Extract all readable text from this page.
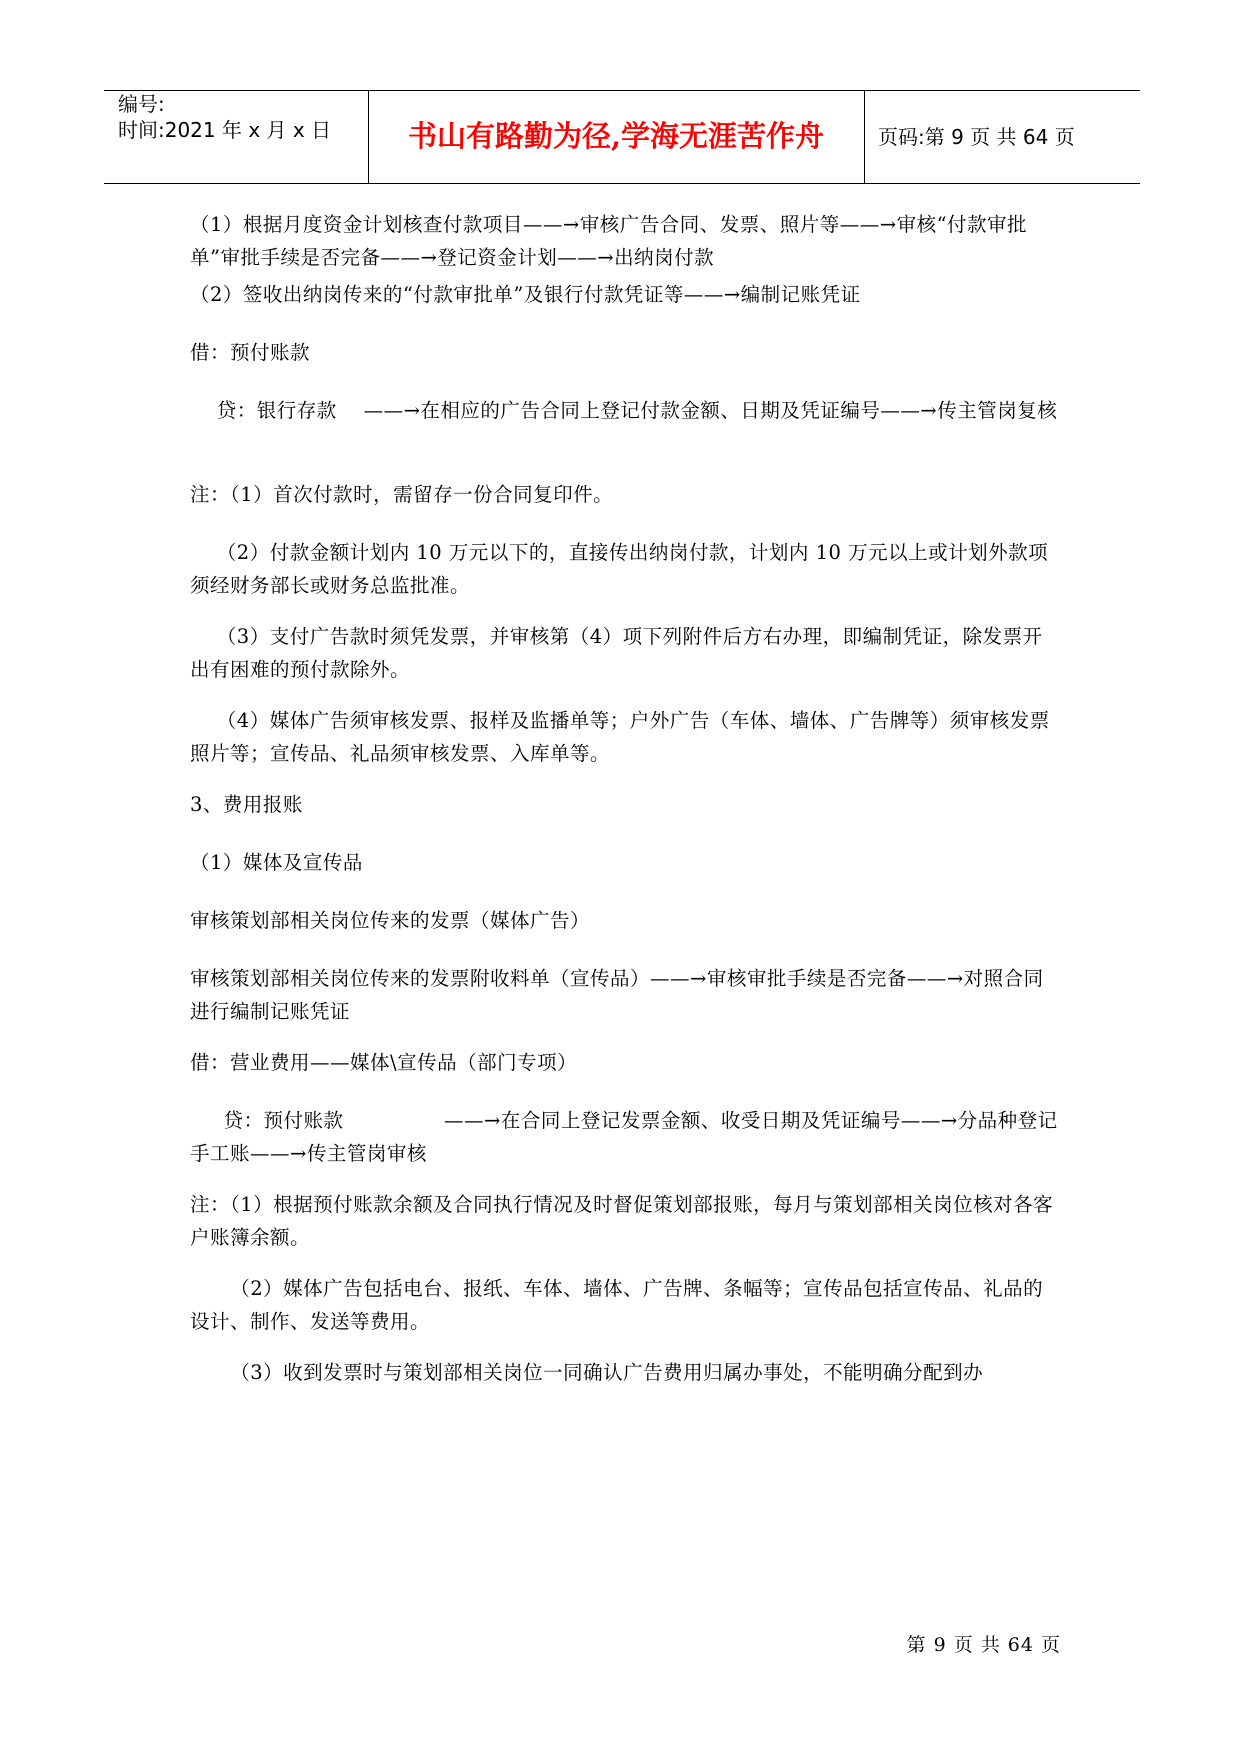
编号:
时间:2021 年 x 月 x 日	书山有路勤为径,学海无涯苦作舟	页码:第 9 页 共 64 页
（1）根据月度资金计划核查付款项目——→审核广告合同、发票、照片等——→审核“付款审批单”审批手续是否完备——→登记资金计划——→出纳岗付款
（2）签收出纳岗传来的“付款审批单”及银行付款凭证等——→编制记账凭证
借：预付账款
贷：银行存款    ——→在相应的广告合同上登记付款金额、日期及凭证编号——→传主管岗复核
注：（1）首次付款时，需留存一份合同复印件。
（2）付款金额计划内 10 万元以下的，直接传出纳岗付款，计划内 10 万元以上或计划外款项须经财务部长或财务总监批准。
（3）支付广告款时须凭发票，并审核第（4）项下列附件后方右办理，即编制凭证，除发票开出有困难的预付款除外。
（4）媒体广告须审核发票、报样及监播单等；户外广告（车体、墙体、广告牌等）须审核发票照片等；宣传品、礼品须审核发票、入库单等。
3、费用报账
（1）媒体及宣传品
审核策划部相关岗位传来的发票（媒体广告）
审核策划部相关岗位传来的发票附收料单（宣传品）——→审核审批手续是否完备——→对照合同进行编制记账凭证
借：营业费用——媒体\宣传品（部门专项）
贷：预付账款               ——→在合同上登记发票金额、收受日期及凭证编号——→分品种登记手工账——→传主管岗审核
注：（1）根据预付账款余额及合同执行情况及时督促策划部报账，每月与策划部相关岗位核对各客户账簿余额。
（2）媒体广告包括电台、报纸、车体、墙体、广告牌、条幅等；宣传品包括宣传品、礼品的设计、制作、发送等费用。
（3）收到发票时与策划部相关岗位一同确认广告费用归属办事处，不能明确分配到办
第 9 页 共 64 页
